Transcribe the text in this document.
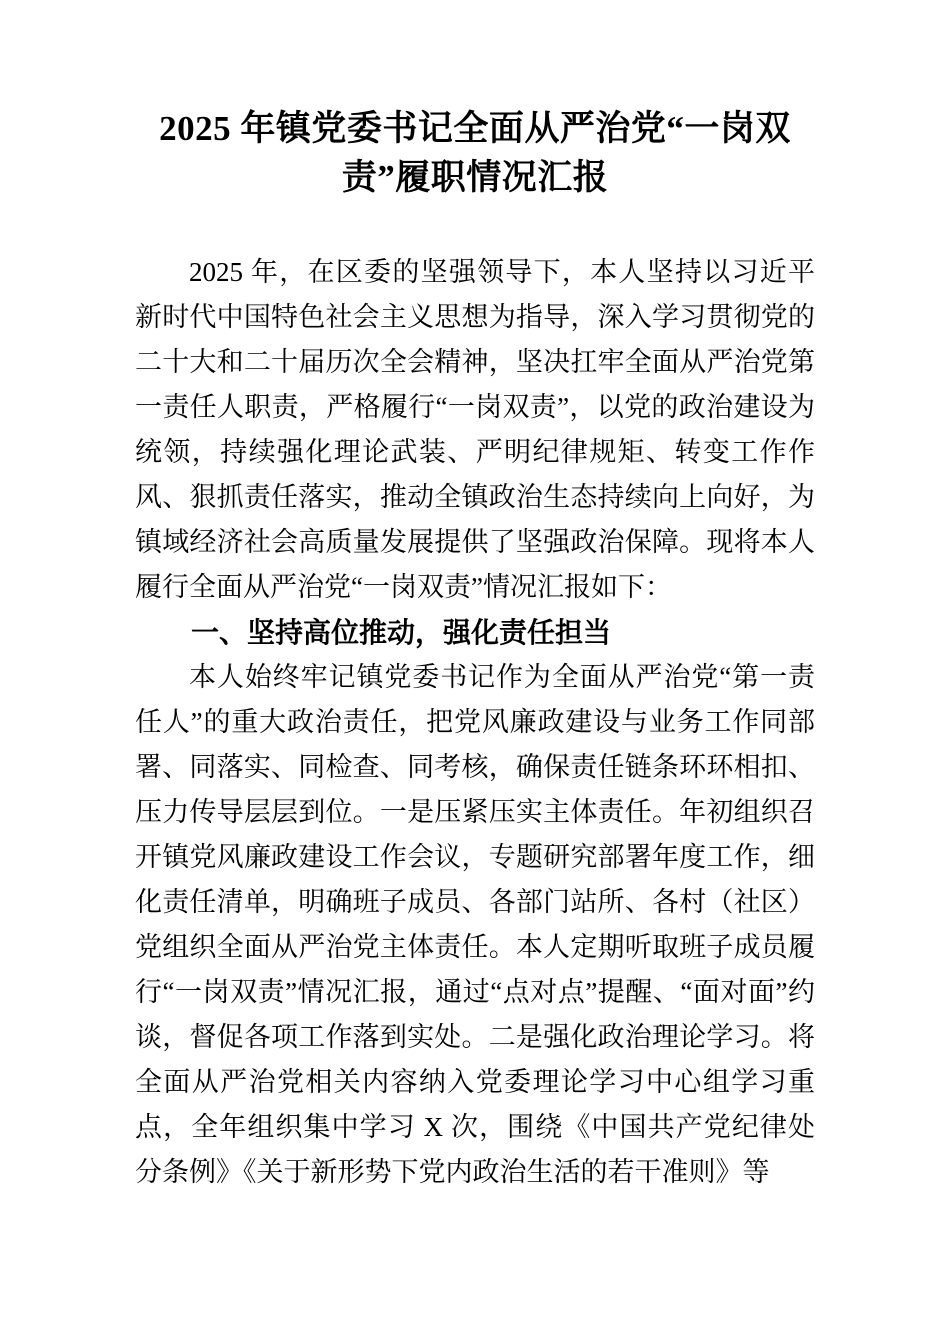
2025 年镇党委书记全面从严治党“一岗双责”履职情况汇报

2025 年，在区委的坚强领导下，本人坚持以习近平新时代中国特色社会主义思想为指导，深入学习贯彻党的二十大和二十届历次全会精神，坚决扛牢全面从严治党第一责任人职责，严格履行“一岗双责”，以党的政治建设为统领，持续强化理论武装、严明纪律规矩、转变工作作风、狠抓责任落实，推动全镇政治生态持续向上向好，为镇域经济社会高质量发展提供了坚强政治保障。现将本人履行全面从严治党“一岗双责”情况汇报如下：

一、坚持高位推动，强化责任担当

本人始终牢记镇党委书记作为全面从严治党“第一责任人”的重大政治责任，把党风廉政建设与业务工作同部署、同落实、同检查、同考核，确保责任链条环环相扣、压力传导层层到位。一是压紧压实主体责任。年初组织召开镇党风廉政建设工作会议，专题研究部署年度工作，细化责任清单，明确班子成员、各部门站所、各村（社区）党组织全面从严治党主体责任。本人定期听取班子成员履行“一岗双责”情况汇报，通过“点对点”提醒、“面对面”约谈，督促各项工作落到实处。二是强化政治理论学习。将全面从严治党相关内容纳入党委理论学习中心组学习重点，全年组织集中学习 X 次，围绕《中国共产党纪律处分条例》《关于新形势下党内政治生活的若干准则》等
